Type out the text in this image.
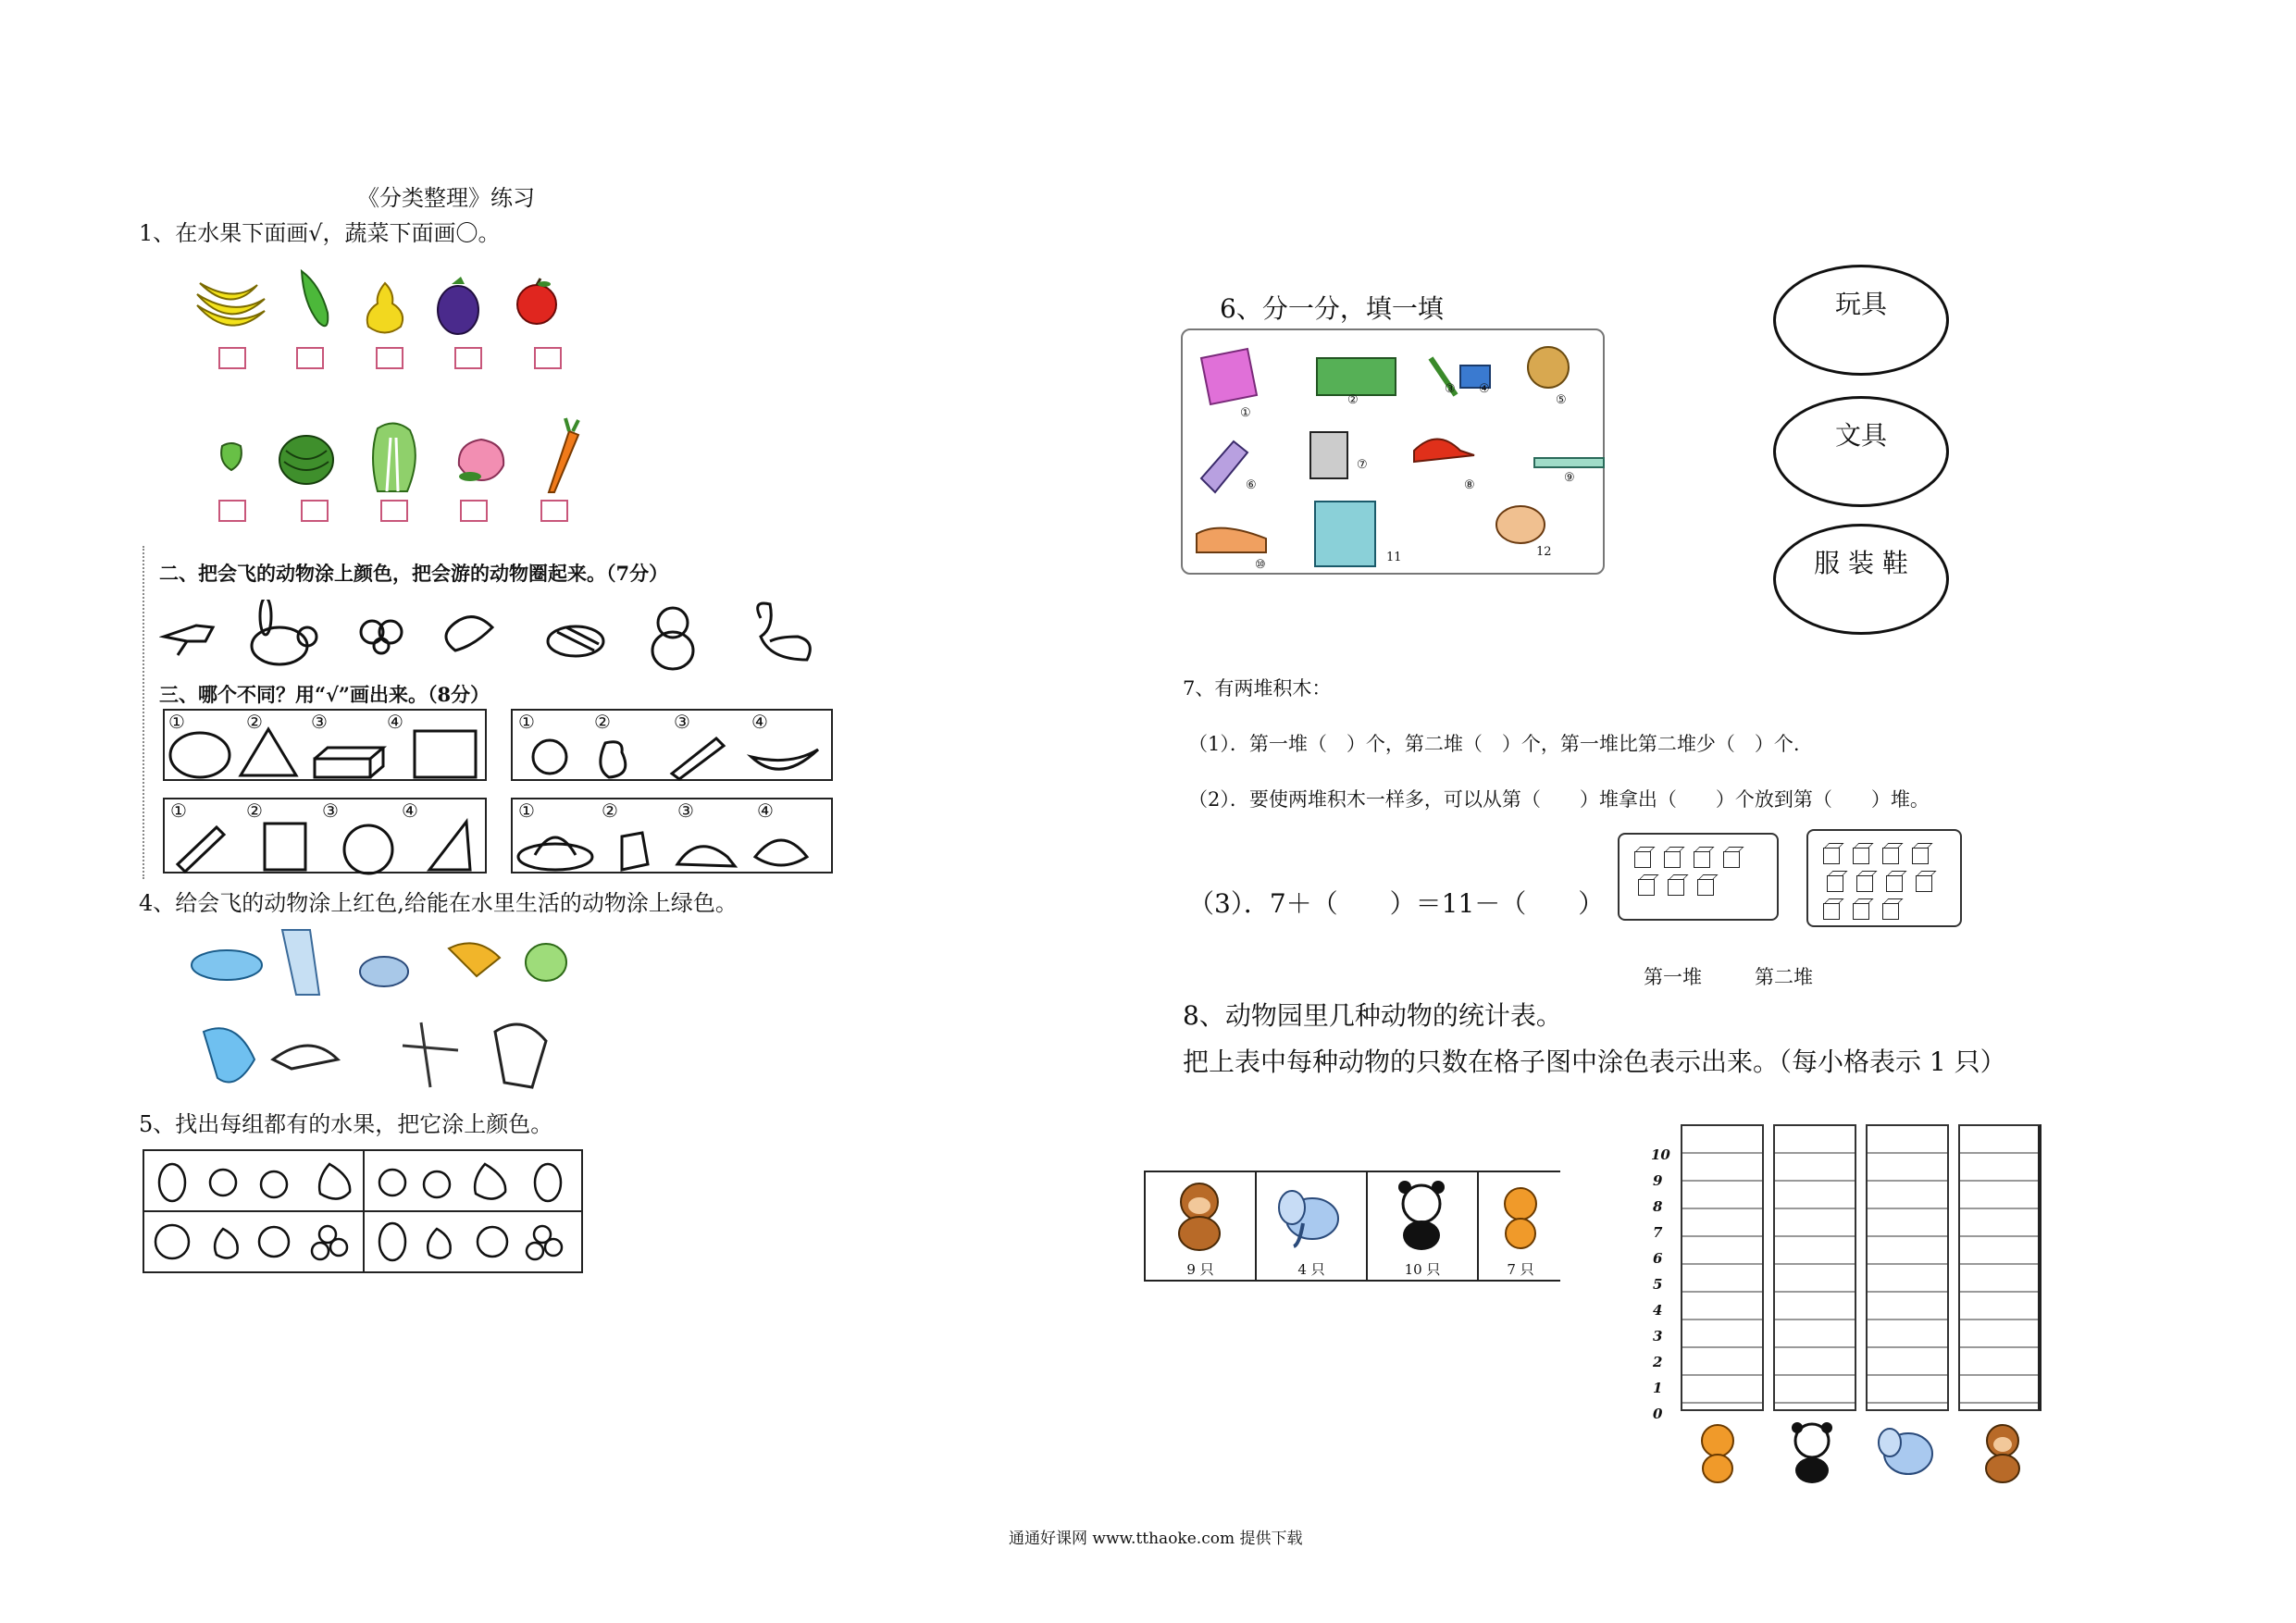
《分类整理》练习
1、在水果下面画√，蔬菜下面画〇。
二、把会飞的动物涂上颜色，把会游的动物圈起来。（7分）
三、哪个不同？用“√”画出来。（8分）
①	②	③	④	①	②	③	④
①	②	③	④	①	②	③	④
4、给会飞的动物涂上红色,给能在水里生活的动物涂上绿色。
5、找出每组都有的水果，把它涂上颜色。
6、分一分，填一填
①
②
③ ④
⑤
⑥
⑦
⑧
⑨
⑩
11	12
玩具
文具
服 装 鞋
7、有两堆积木：
（1）．第一堆（　）个，第二堆（　）个，第一堆比第二堆少（　）个.
（2）．要使两堆积木一样多，可以从第（　　）堆拿出（　　）个放到第（　　）堆。
（3）．7＋（　　）＝11－（　　）
第一堆	第二堆
8、动物园里几种动物的统计表。
把上表中每种动物的只数在格子图中涂色表示出来。（每小格表示 1 只）
9 只	4 只	10 只	7 只
10
9
8
7
6
5
4
3
2
1
0
通通好课网 www.tthaoke.com 提供下载
